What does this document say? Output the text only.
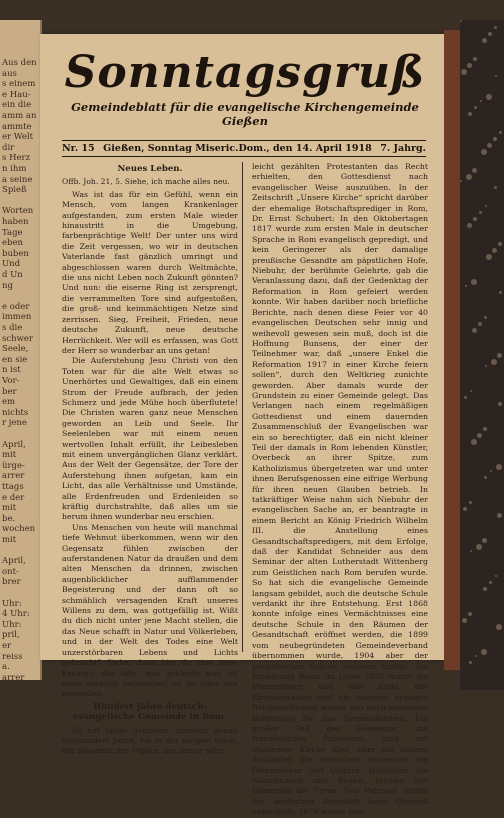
Aus den
aus
s einem
e Hau-
ein die
amm an
ammte
er Welt
dir
s Herz
n ihm
a seine
Spieß
Worten
haben
Tage
eben
buben
Und
d Un
ng
e oder
immen
s die
schwer
Seele,
en sie
n ist
Vor-
ber
em
nichts
r jene
April,
mit
ürge-
arrer
ttags
e der
mit
be.
wochen
mit
April,
ont-
brer
Uhr:
4 Uhr:
Uhr:
pril,
er
reiss
a.
arrer
Sonntagsgruß
Gemeindeblatt für die evangelische Kirchengemeinde Gießen
Nr. 15 Gießen, Sonntag Miseric.Dom., den 14. April 1918 7. Jahrg.
Neues Leben.
Offb. Joh. 21, 5. Siehe, ich mache alles neu.

Was ist das für ein Gefühl, wenn ein Mensch, vom langen Krankenlager aufgestanden, zum ersten Male wieder hinaustritt in die Umgebung, farbenprächtige Welt! Der unter uns wird die Zeit vergessen, wo wir in deutschen Vaterlande fast gänzlich umringt und abgeschlossen waren durch Weltmächte, die uns nicht Leben noch Zukunft gönnten? Und nun: die eiserne Ring ist zersprengt, die verrammelten Tore sind aufgestoßen, die groß- und keimmächtigen Netze sind zerrissen. Sieg, Freiheit, Frieden, neue deutsche Zukunft, neue deutsche Herrlichkeit. Wer will es erfassen, was Gott der Herr so wunderbar an uns getan!

Die Auferstehung Jesu Christi von den Toten war für die alte Welt etwas so Unerhörtes und Gewaltiges, daß ein einem Strom der Freude aufbrach, der jeden Schmerz und jede Mühe hoch überflutete! Die Christen waren ganz neue Menschen geworden an Leib und Seele. Ihr Seelenleben war mit einem neuen wertvollen Inhalt erfüllt, ihr Leibesleben mit einem unvergänglichen Glanz verklärt. Aus der Welt der Gegensätze, der Tore der Auferstehung ihnen aufgetan, kam ein Licht, das alle Verhältnisse und Umstände, alle Erdenfreuden und Erdenleiden so kräftig durchstrahlte, daß alles um sie herum ihnen wunderbar neu erschien.

Uns Menschen von heute will manchmal tiefe Wehmut überkommen, wenn wir den Gegensatz fühlen zwischen der auferstandenen Natur da draußen und dem alten Menschen da drinnen, zwischen augenblicklicher aufflammender Begeisterung und der dann oft so schmählich versagenden Kraft unseres Willens zu dem, was gottgefällig ist. Wißt du dich nicht unter jene Macht stellen, die das Neue schafft in Natur und Völkerleben, und in der Welt des Todes eine Welt unzerstörbaren Lebens und Lichts gebracht? Siehe, dann bist du eine neue Kreatur; das Alte, was schlecht war, ist dann wirklich vergangen; es ist alles neu geworden.

Hundert Jahre deutsch-evangelische Gemeinde in Rom.

Es hat lange gedauert, nämlich genau dreihundert Jahre, bis in der ewigen Stadt, der Residenz der Päpste, die immer sehr

leicht gezählten Protestanten das Recht erhielten, den Gottesdienst nach evangelischer Weise auszuüben. In der Zeitschrift „Unsere Kirche“ spricht darüber der ehemalige Botschaftsprediger in Rom, Dr. Ernst Schubert: In den Oktobertagen 1817 wurde zum ersten Male in deutscher Sprache in Rom evangelisch gepredigt, und kein Geringerer als der damalige preußische Gesandte am päpstlichen Hofe, Niebuhr, der berühmte Gelehrte, gab die Veranlassung dazu, daß der Gedenktag der Reformation in Rom gefeiert werden konnte. Wir haben darüber noch briefliche Berichte, nach denen diese Feier vor 40 evangelischen Deutschen sehr innig und weihevoll gewesen sein muß, doch ist die Hoffnung Bunsens, der einer der Teilnehmer war, daß „unsere Enkel die Reformation 1917 in einer Kirche feiern sollen“, durch den Weltkrieg zunichte geworden. Aber damals wurde der Grundstein zu einer Gemeinde gelegt. Das Verlangen nach einem regelmäßigen Gottesdienst und einem dauernden Zusammenschluß der Evangelischen war ein so berechtigter, daß ein nicht kleiner Teil der damals in Rom lebenden Künstler, Overbeck an ihrer Spitze, zum Katholizismus übergetreten war und unter ihnen Berufsgenossen eine eifrige Werbung für ihren neuen Glauben betrieb. In tatkräftiger Weise nahm sich Niebuhr der evangelischen Sache an, er beantragte in einem Bericht an König Friedrich Wilhelm III. die Anstellung eines Gesandtschaftspredigers, mit dem Erfolge, daß der Kandidat Schneider aus dem Seminar der alten Lutherstadt Wittenberg zum Geistlichen nach Rom berufen wurde. So hat sich die evangelische Gemeinde langsam gebildet, auch die deutsche Schule verdankt ihr ihre Entstehung. Erst 1868 konnte infolge eines Vermächtnisses eine deutsche Schule in den Räumen der Gesandtschaft eröffnet werden, die 1899 vom neubegründeten Gemeindeverband übernommen wurde, 1904 aber der paritätischen Schule weichen mußte. Die Eroberung Roms im Jahre 1870 durch die Piemontesen und das Ende des Kirchenstaates und die dadurch erlangte Religionsfreiheit waren von entscheidender Bedeutung für das Gemeindeleben. Ein großer Teil der Gemeinde, die französischen Schweizer, ging zur Waldenser Kirche über, aber die andern Ausländer, die deutschen Schweizer, die Österreicher und Ungarn, Holländer, die Skandinaven und Balten, bleiben der Gemeinde die Treue. Das Patronat wurde der deutschen Botschaft beim Quirinal unterstellt. 1879 wurde eine
